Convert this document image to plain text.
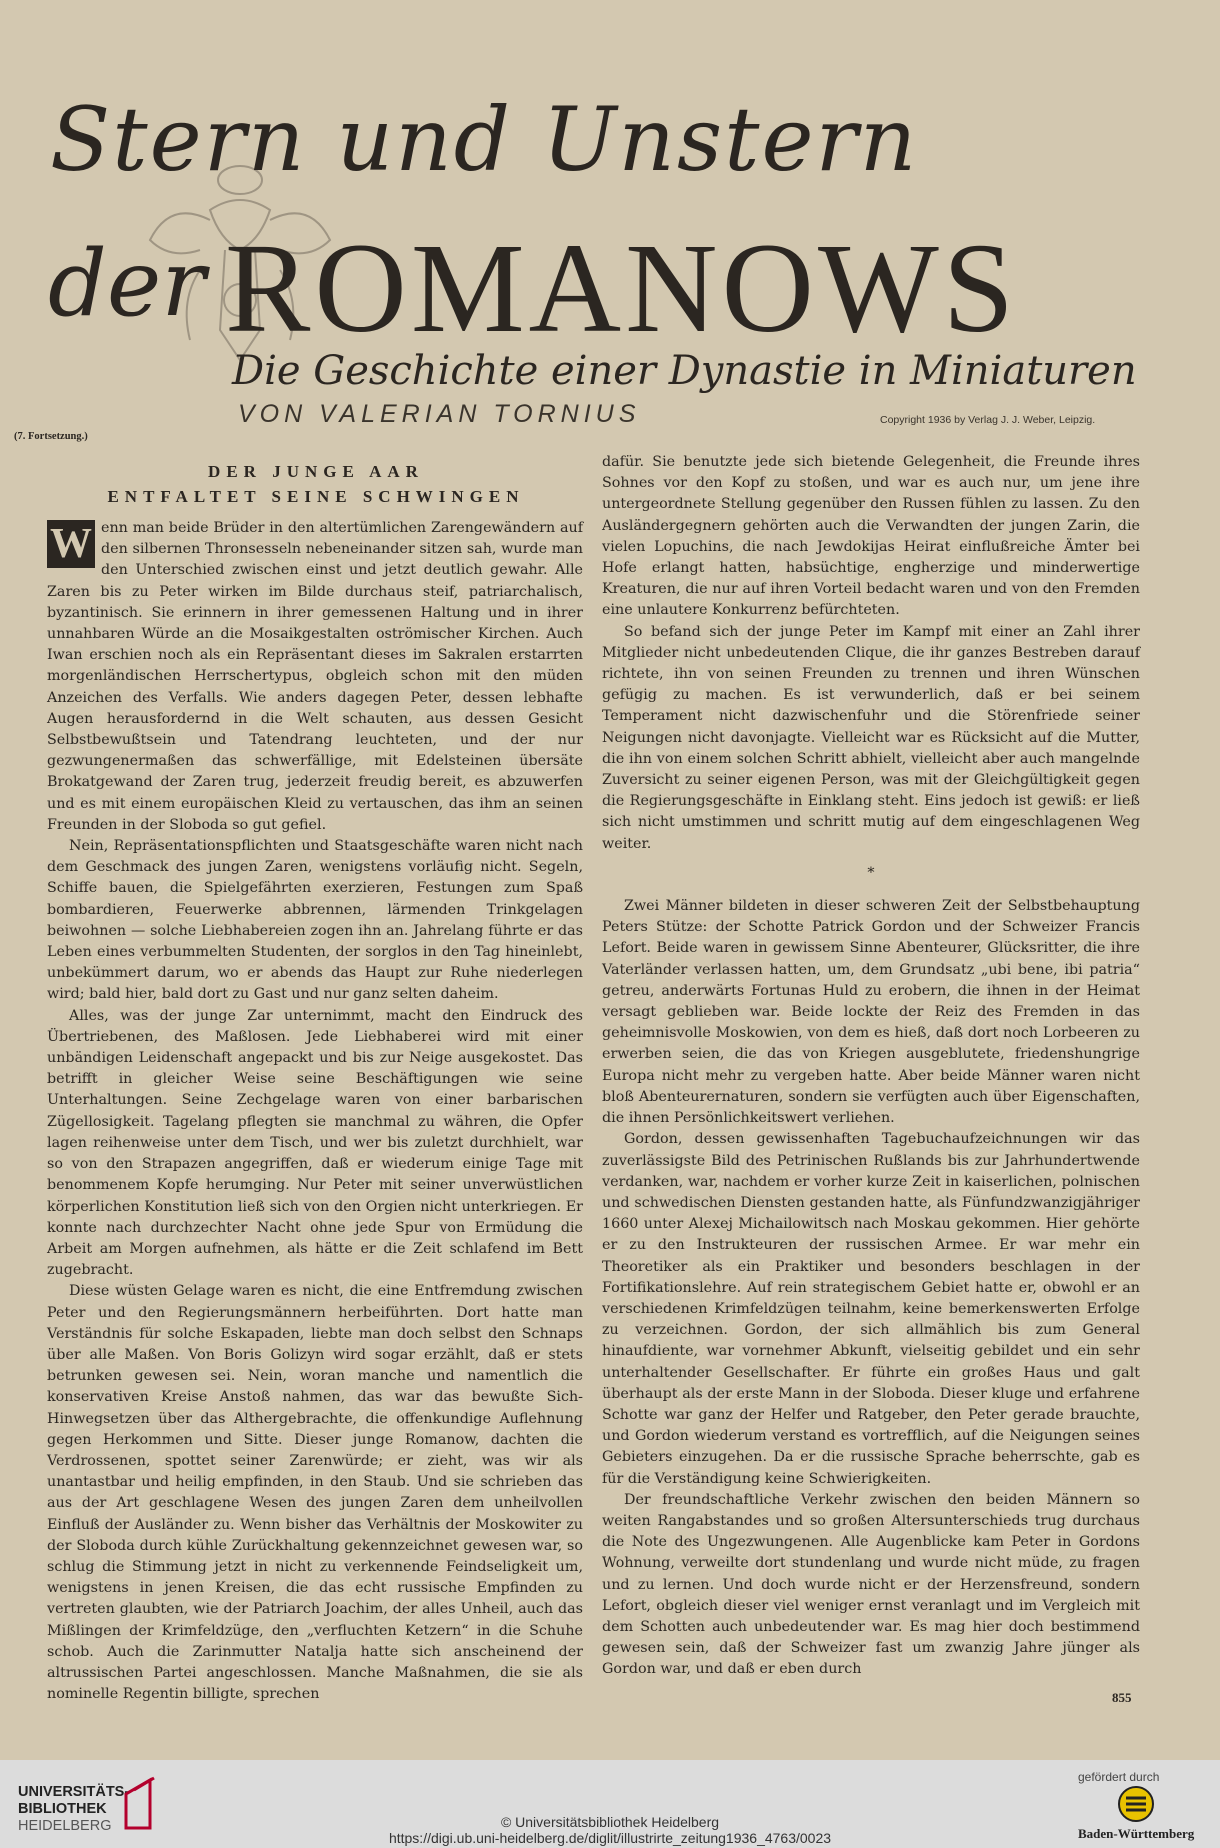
Stern und Unstern
der ROMANOWS
Die Geschichte einer Dynastie in Miniaturen
VON VALERIAN TORNIUS	Copyright 1936 by Verlag J. J. Weber, Leipzig.
(7. Fortsetzung.)
DER JUNGE AAR
ENTFALTET SEINE SCHWINGEN

W enn man beide Brüder in den altertümlichen Zarengewändern auf den silbernen Thronsesseln nebeneinander sitzen sah, wurde man den Unterschied zwischen einst und jetzt deutlich gewahr. Alle Zaren bis zu Peter wirken im Bilde durchaus steif, patriarchalisch, byzantinisch. Sie erinnern in ihrer gemessenen Haltung und in ihrer unnahbaren Würde an die Mosaikgestalten oströmischer Kirchen. Auch Iwan erschien noch als ein Repräsentant dieses im Sakralen erstarrten morgenländischen Herrschertypus, obgleich schon mit den müden Anzeichen des Verfalls. Wie anders dagegen Peter, dessen lebhafte Augen herausfordernd in die Welt schauten, aus dessen Gesicht Selbstbewußtsein und Tatendrang leuchteten, und der nur gezwungenermaßen das schwerfällige, mit Edelsteinen übersäte Brokatgewand der Zaren trug, jederzeit freudig bereit, es abzuwerfen und es mit einem europäischen Kleid zu vertauschen, das ihm an seinen Freunden in der Sloboda so gut gefiel.

Nein, Repräsentationspflichten und Staatsgeschäfte waren nicht nach dem Geschmack des jungen Zaren, wenigstens vorläufig nicht. Segeln, Schiffe bauen, die Spielgefährten exerzieren, Festungen zum Spaß bombardieren, Feuerwerke abbrennen, lärmenden Trinkgelagen beiwohnen — solche Liebhabereien zogen ihn an. Jahrelang führte er das Leben eines verbummelten Studenten, der sorglos in den Tag hineinlebt, unbekümmert darum, wo er abends das Haupt zur Ruhe niederlegen wird; bald hier, bald dort zu Gast und nur ganz selten daheim.

Alles, was der junge Zar unternimmt, macht den Eindruck des Übertriebenen, des Maßlosen. Jede Liebhaberei wird mit einer unbändigen Leidenschaft angepackt und bis zur Neige ausgekostet. Das betrifft in gleicher Weise seine Beschäftigungen wie seine Unterhaltungen. Seine Zechgelage waren von einer barbarischen Zügellosigkeit. Tagelang pflegten sie manchmal zu währen, die Opfer lagen reihenweise unter dem Tisch, und wer bis zuletzt durchhielt, war so von den Strapazen angegriffen, daß er wiederum einige Tage mit benommenem Kopfe herumging. Nur Peter mit seiner unverwüstlichen körperlichen Konstitution ließ sich von den Orgien nicht unterkriegen. Er konnte nach durchzechter Nacht ohne jede Spur von Ermüdung die Arbeit am Morgen aufnehmen, als hätte er die Zeit schlafend im Bett zugebracht.

Diese wüsten Gelage waren es nicht, die eine Entfremdung zwischen Peter und den Regierungsmännern herbeiführten. Dort hatte man Verständnis für solche Eskapaden, liebte man doch selbst den Schnaps über alle Maßen. Von Boris Golizyn wird sogar erzählt, daß er stets betrunken gewesen sei. Nein, woran manche und namentlich die konservativen Kreise Anstoß nahmen, das war das bewußte Sich-Hinwegsetzen über das Althergebrachte, die offenkundige Auflehnung gegen Herkommen und Sitte. Dieser junge Romanow, dachten die Verdrossenen, spottet seiner Zarenwürde; er zieht, was wir als unantastbar und heilig empfinden, in den Staub. Und sie schrieben das aus der Art geschlagene Wesen des jungen Zaren dem unheilvollen Einfluß der Ausländer zu. Wenn bisher das Verhältnis der Moskowiter zu der Sloboda durch kühle Zurückhaltung gekennzeichnet gewesen war, so schlug die Stimmung jetzt in nicht zu verkennende Feindseligkeit um, wenigstens in jenen Kreisen, die das echt russische Empfinden zu vertreten glaubten, wie der Patriarch Joachim, der alles Unheil, auch das Mißlingen der Krimfeldzüge, den „verfluchten Ketzern“ in die Schuhe schob. Auch die Zarinmutter Natalja hatte sich anscheinend der altrussischen Partei angeschlossen. Manche Maßnahmen, die sie als nominelle Regentin billigte, sprechen

dafür. Sie benutzte jede sich bietende Gelegenheit, die Freunde ihres Sohnes vor den Kopf zu stoßen, und war es auch nur, um jene ihre untergeordnete Stellung gegenüber den Russen fühlen zu lassen. Zu den Ausländergegnern gehörten auch die Verwandten der jungen Zarin, die vielen Lopuchins, die nach Jewdokijas Heirat einflußreiche Ämter bei Hofe erlangt hatten, habsüchtige, engherzige und minderwertige Kreaturen, die nur auf ihren Vorteil bedacht waren und von den Fremden eine unlautere Konkurrenz befürchteten.

So befand sich der junge Peter im Kampf mit einer an Zahl ihrer Mitglieder nicht unbedeutenden Clique, die ihr ganzes Bestreben darauf richtete, ihn von seinen Freunden zu trennen und ihren Wünschen gefügig zu machen. Es ist verwunderlich, daß er bei seinem Temperament nicht dazwischenfuhr und die Störenfriede seiner Neigungen nicht davonjagte. Vielleicht war es Rücksicht auf die Mutter, die ihn von einem solchen Schritt abhielt, vielleicht aber auch mangelnde Zuversicht zu seiner eigenen Person, was mit der Gleichgültigkeit gegen die Regierungsgeschäfte in Einklang steht. Eins jedoch ist gewiß: er ließ sich nicht umstimmen und schritt mutig auf dem eingeschlagenen Weg weiter.

*

Zwei Männer bildeten in dieser schweren Zeit der Selbstbehauptung Peters Stütze: der Schotte Patrick Gordon und der Schweizer Francis Lefort. Beide waren in gewissem Sinne Abenteurer, Glücksritter, die ihre Vaterländer verlassen hatten, um, dem Grundsatz „ubi bene, ibi patria“ getreu, anderwärts Fortunas Huld zu erobern, die ihnen in der Heimat versagt geblieben war. Beide lockte der Reiz des Fremden in das geheimnisvolle Moskowien, von dem es hieß, daß dort noch Lorbeeren zu erwerben seien, die das von Kriegen ausgeblutete, friedenshungrige Europa nicht mehr zu vergeben hatte. Aber beide Männer waren nicht bloß Abenteurernaturen, sondern sie verfügten auch über Eigenschaften, die ihnen Persönlichkeitswert verliehen.

Gordon, dessen gewissenhaften Tagebuchaufzeichnungen wir das zuverlässigste Bild des Petrinischen Rußlands bis zur Jahrhundertwende verdanken, war, nachdem er vorher kurze Zeit in kaiserlichen, polnischen und schwedischen Diensten gestanden hatte, als Fünfundzwanzigjähriger 1660 unter Alexej Michailowitsch nach Moskau gekommen. Hier gehörte er zu den Instrukteuren der russischen Armee. Er war mehr ein Theoretiker als ein Praktiker und besonders beschlagen in der Fortifikationslehre. Auf rein strategischem Gebiet hatte er, obwohl er an verschiedenen Krimfeldzügen teilnahm, keine bemerkenswerten Erfolge zu verzeichnen. Gordon, der sich allmählich bis zum General hinaufdiente, war vornehmer Abkunft, vielseitig gebildet und ein sehr unterhaltender Gesellschafter. Er führte ein großes Haus und galt überhaupt als der erste Mann in der Sloboda. Dieser kluge und erfahrene Schotte war ganz der Helfer und Ratgeber, den Peter gerade brauchte, und Gordon wiederum verstand es vortrefflich, auf die Neigungen seines Gebieters einzugehen. Da er die russische Sprache beherrschte, gab es für die Verständigung keine Schwierigkeiten.

Der freundschaftliche Verkehr zwischen den beiden Männern so weiten Rangabstandes und so großen Altersunterschieds trug durchaus die Note des Ungezwungenen. Alle Augenblicke kam Peter in Gordons Wohnung, verweilte dort stundenlang und wurde nicht müde, zu fragen und zu lernen. Und doch wurde nicht er der Herzensfreund, sondern Lefort, obgleich dieser viel weniger ernst veranlagt und im Vergleich mit dem Schotten auch unbedeutender war. Es mag hier doch bestimmend gewesen sein, daß der Schweizer fast um zwanzig Jahre jünger als Gordon war, und daß er eben durch

855
UNIVERSITÄTS-
BIBLIOTHEK
HEIDELBERG	© Universitätsbibliothek Heidelberg
https://digi.ub.uni-heidelberg.de/diglit/illustrirte_zeitung1936_4763/0023
gefördert durch
Baden-Württemberg
